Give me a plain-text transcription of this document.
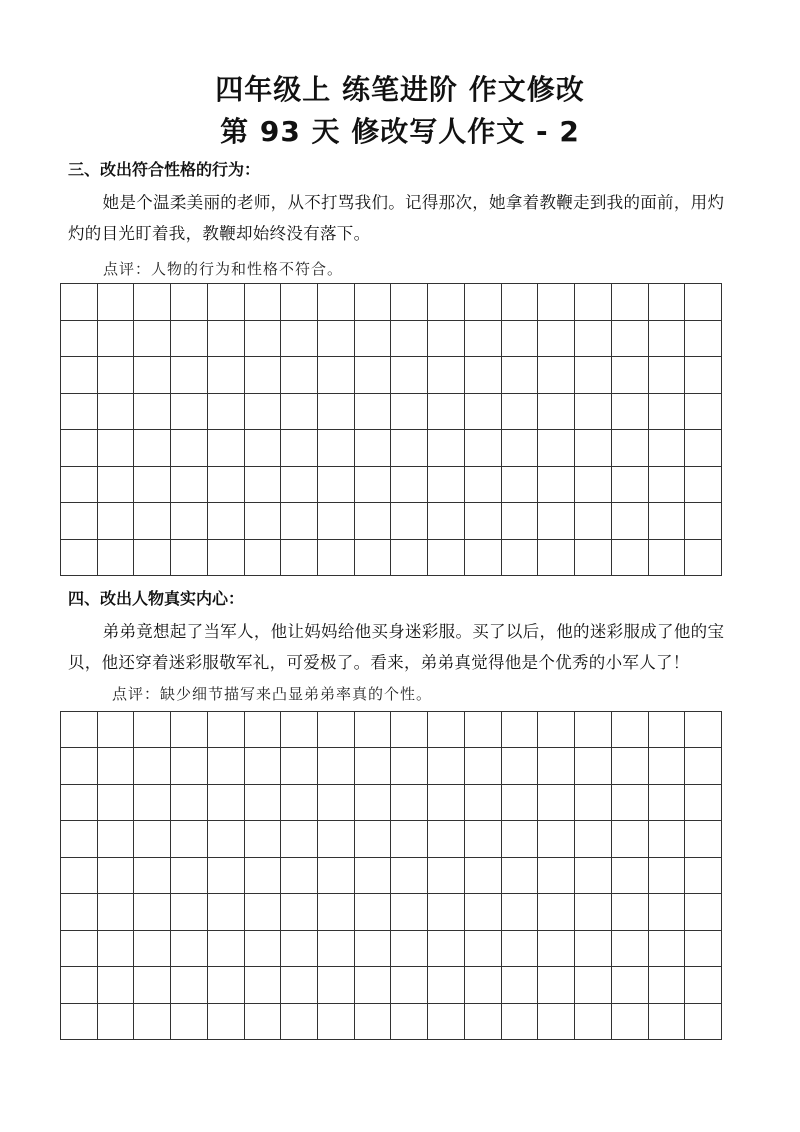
四年级上 练笔进阶 作文修改
第 93 天 修改写人作文 - 2
三、改出符合性格的行为：

她是个温柔美丽的老师，从不打骂我们。记得那次，她拿着教鞭走到我的面前，用灼灼的目光盯着我，教鞭却始终没有落下。

点评：人物的行为和性格不符合。
四、改出人物真实内心：

弟弟竟想起了当军人，他让妈妈给他买身迷彩服。买了以后，他的迷彩服成了他的宝贝，他还穿着迷彩服敬军礼，可爱极了。看来，弟弟真觉得他是个优秀的小军人了！点评：缺少细节描写来凸显弟弟率真的个性。
